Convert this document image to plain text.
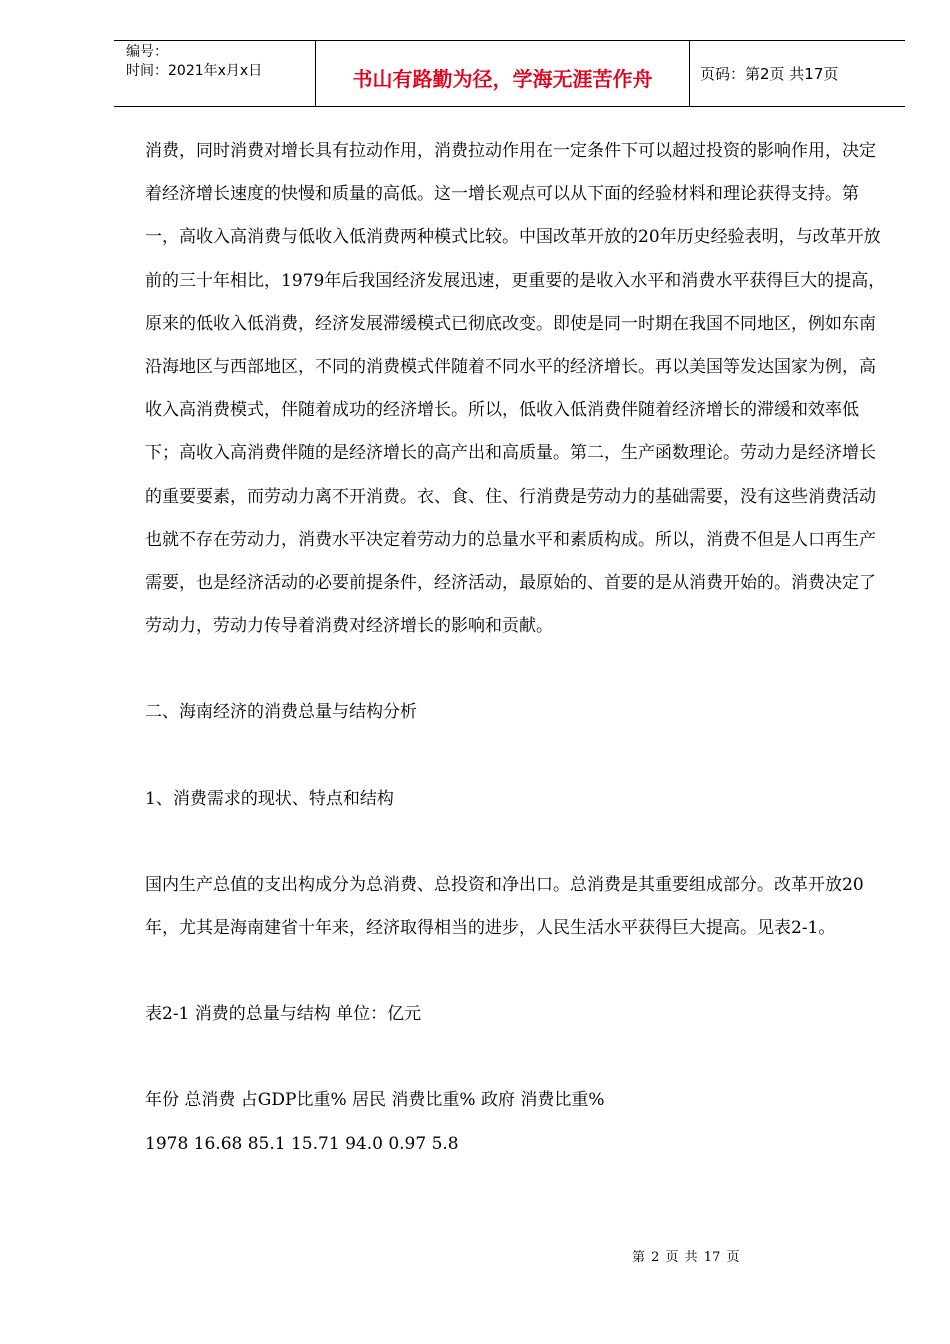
编号：
时间：2021年x月x日	书山有路勤为径，学海无涯苦作舟	页码：第2页 共17页

消费，同时消费对增长具有拉动作用，消费拉动作用在一定条件下可以超过投资的影响作用，决定着经济增长速度的快慢和质量的高低。这一增长观点可以从下面的经验材料和理论获得支持。第一，高收入高消费与低收入低消费两种模式比较。中国改革开放的20年历史经验表明，与改革开放前的三十年相比，1979年后我国经济发展迅速，更重要的是收入水平和消费水平获得巨大的提高，原来的低收入低消费，经济发展滞缓模式已彻底改变。即使是同一时期在我国不同地区，例如东南沿海地区与西部地区，不同的消费模式伴随着不同水平的经济增长。再以美国等发达国家为例，高收入高消费模式，伴随着成功的经济增长。所以，低收入低消费伴随着经济增长的滞缓和效率低下；高收入高消费伴随的是经济增长的高产出和高质量。第二，生产函数理论。劳动力是经济增长的重要要素，而劳动力离不开消费。衣、食、住、行消费是劳动力的基础需要，没有这些消费活动也就不存在劳动力，消费水平决定着劳动力的总量水平和素质构成。所以，消费不但是人口再生产需要，也是经济活动的必要前提条件，经济活动，最原始的、首要的是从消费开始的。消费决定了劳动力，劳动力传导着消费对经济增长的影响和贡献。

二、海南经济的消费总量与结构分析

1、消费需求的现状、特点和结构

国内生产总值的支出构成分为总消费、总投资和净出口。总消费是其重要组成部分。改革开放20年，尤其是海南建省十年来，经济取得相当的进步，人民生活水平获得巨大提高。见表2-1。

表2-1 消费的总量与结构 单位：亿元

年份 总消费 占GDP比重% 居民 消费比重% 政府 消费比重%

1978 16.68 85.1 15.71 94.0 0.97 5.8

第 2 页 共 17 页
